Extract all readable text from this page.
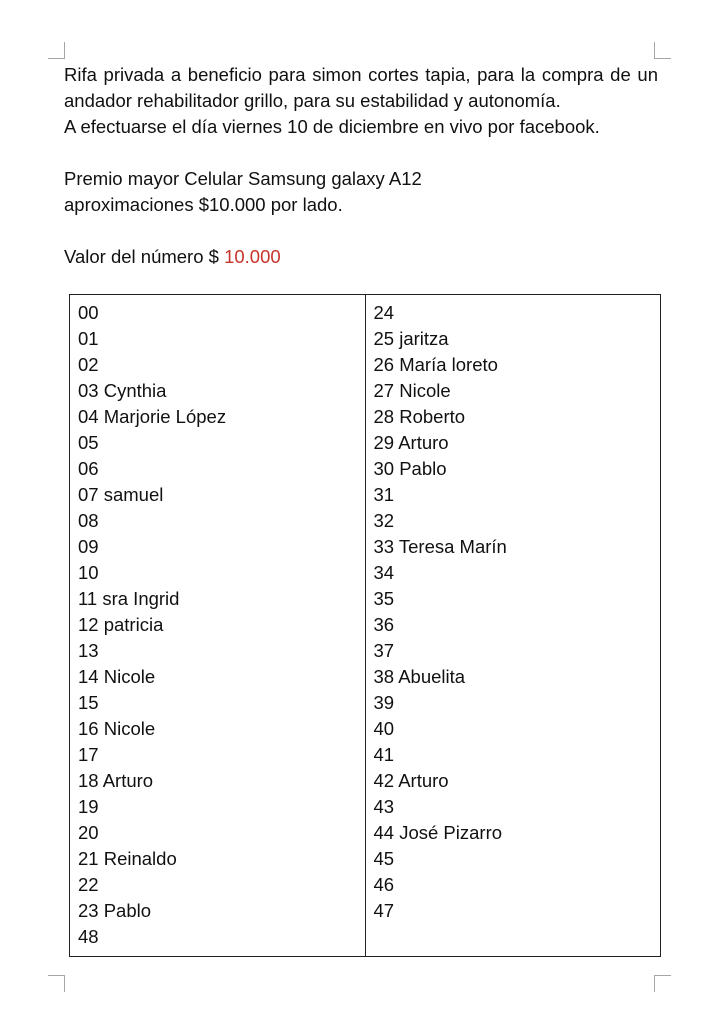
Rifa privada a beneficio para simon cortes tapia, para la compra de un andador rehabilitador grillo, para su estabilidad y autonomía.

A efectuarse el día viernes 10 de diciembre en vivo por facebook.

Premio mayor Celular Samsung galaxy A12

aproximaciones $10.000 por lado.

Valor del número $ 10.000

00
01
02
03 Cynthia
04 Marjorie López
05
06
07 samuel
08
09
10
11 sra Ingrid
12 patricia
13
14 Nicole
15
16 Nicole
17
18 Arturo
19
20
21 Reinaldo
22
23 Pablo
48
24
25 jaritza
26 María loreto
27 Nicole
28 Roberto
29 Arturo
30 Pablo
31
32
33 Teresa Marín
34
35
36
37
38 Abuelita
39
40
41
42 Arturo
43
44 José Pizarro
45
46
47
